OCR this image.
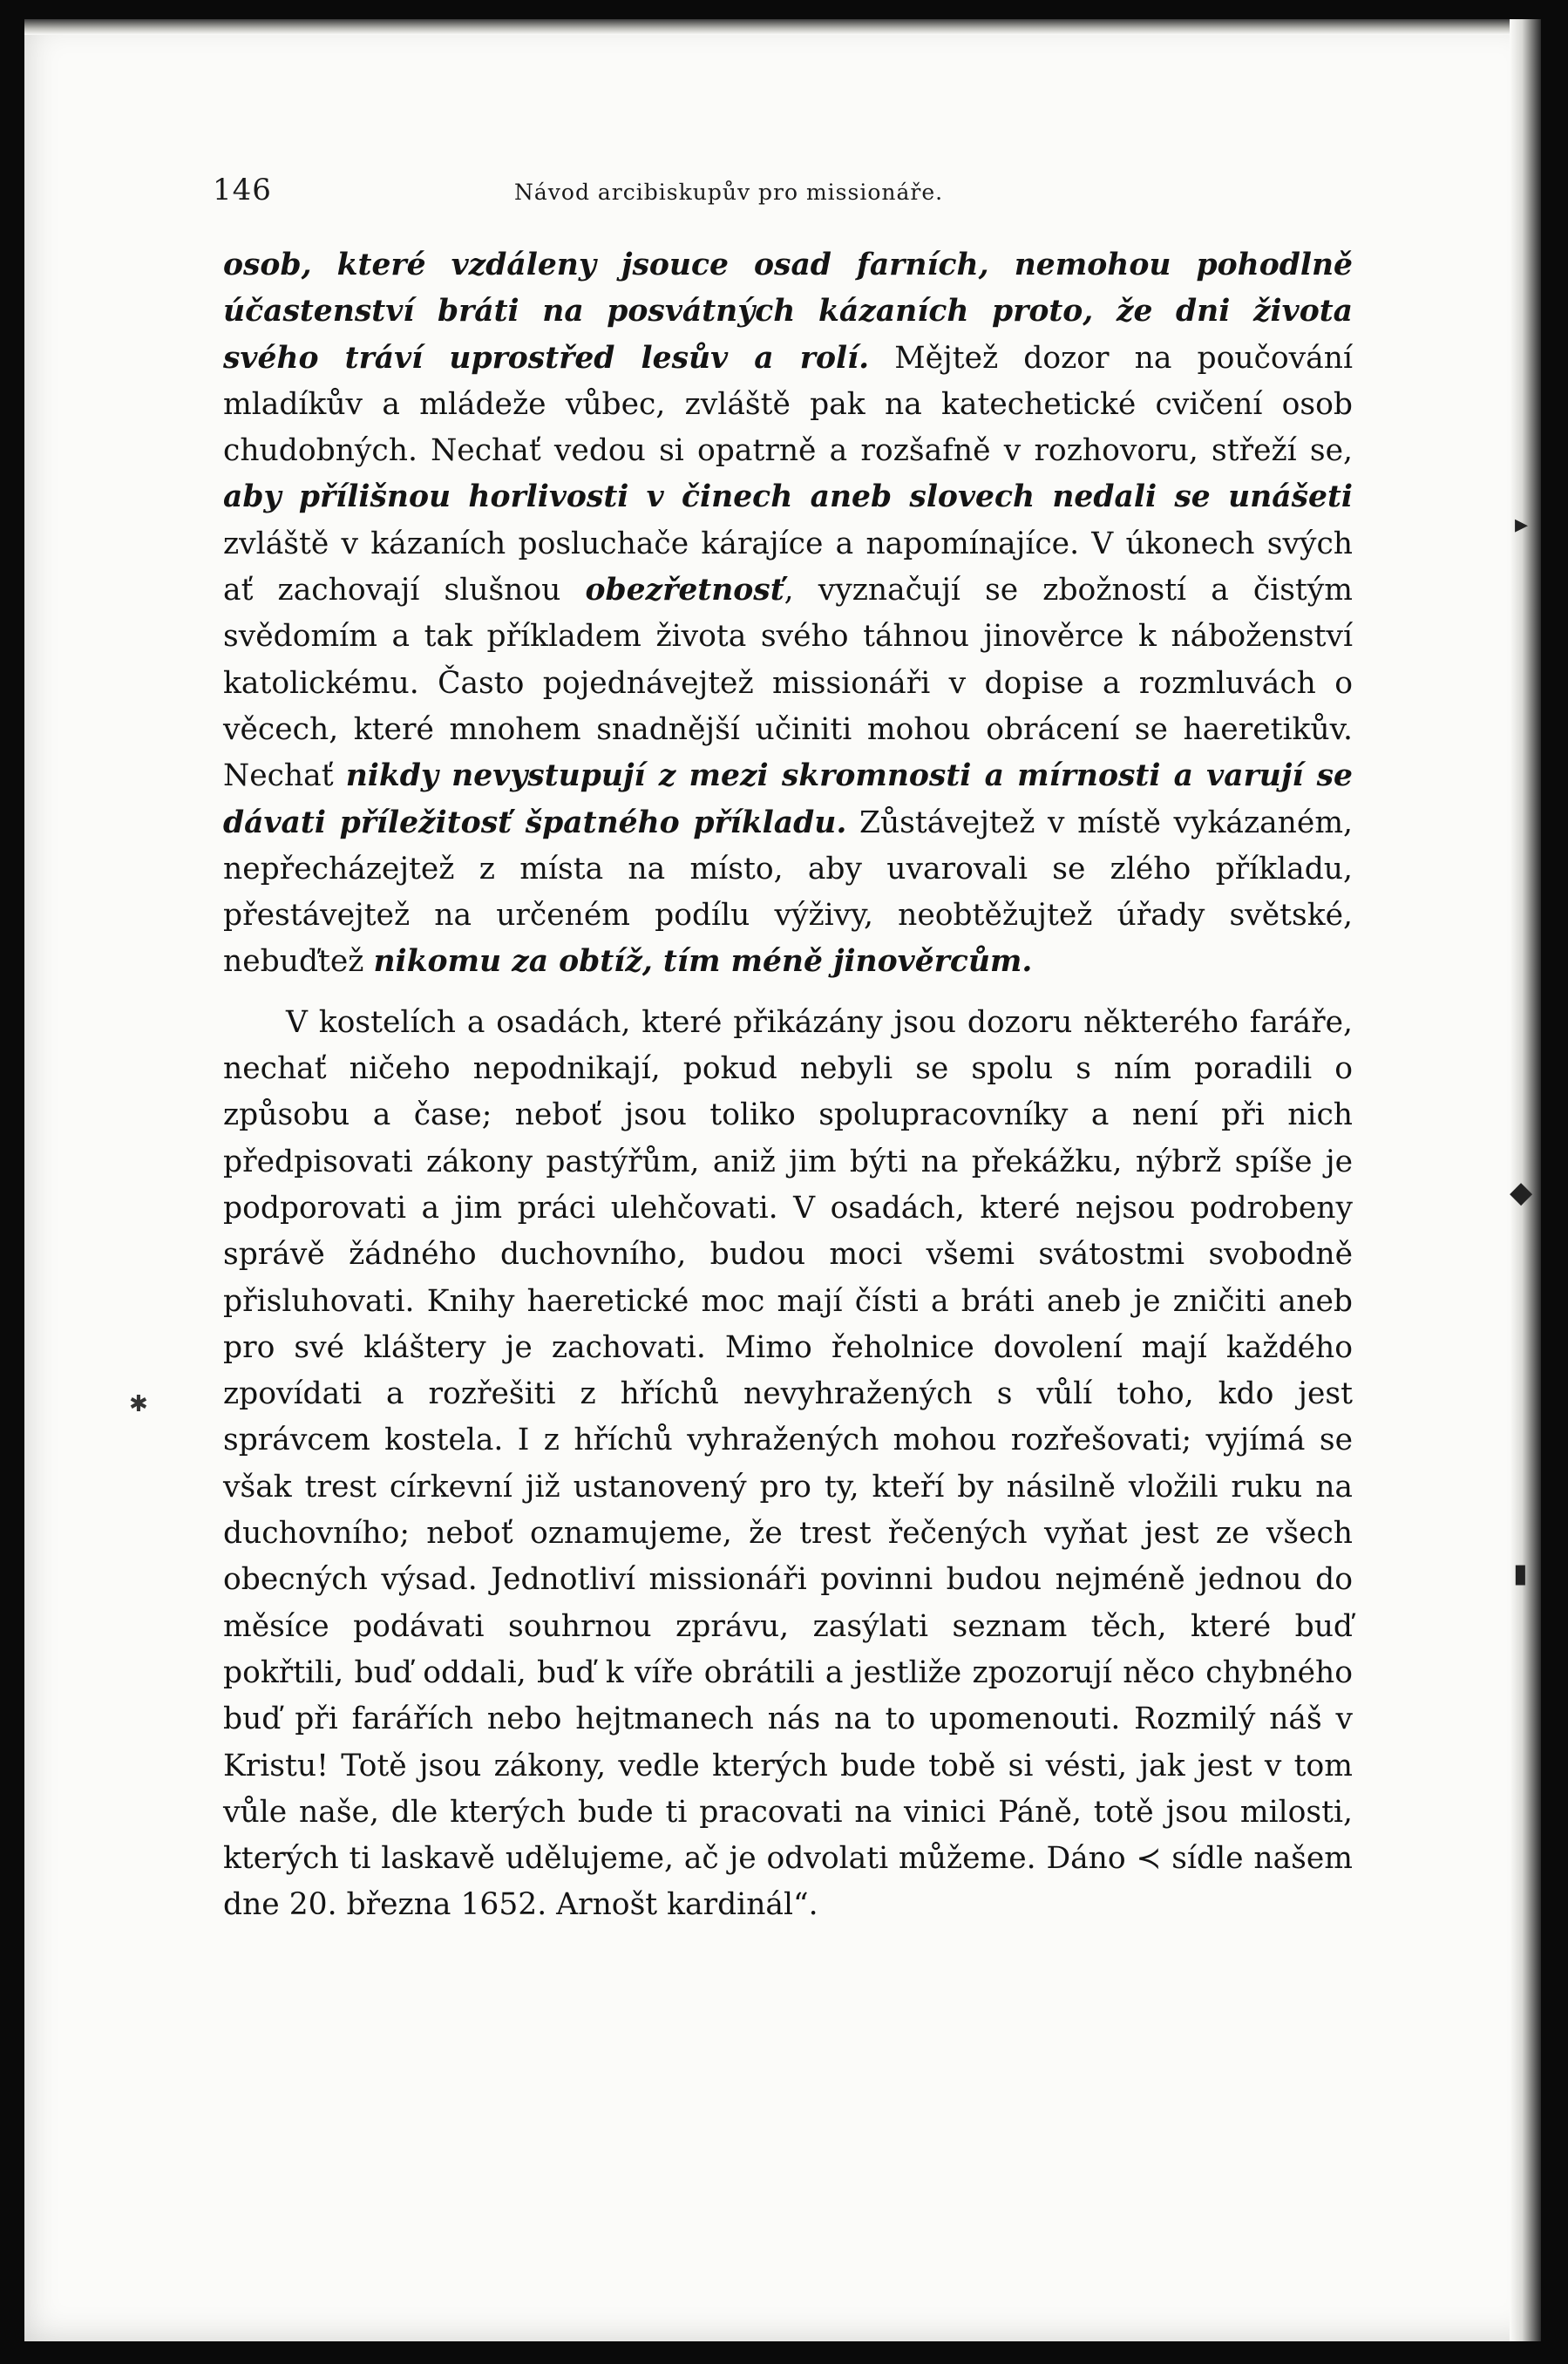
146	Návod arcibiskupův pro missionáře.

osob, které vzdáleny jsouce osad farních, nemohou pohodlně účastenství bráti na posvátných kázaních proto, že dni života svého tráví uprostřed lesův a rolí. Mějtež dozor na poučování mladíkův a mládeže vůbec, zvláště pak na katechetické cvičení osob chudobných. Nechať vedou si opatrně a rozšafně v rozhovoru, střeží se, aby přílišnou horlivosti v činech aneb slovech nedali se unášeti zvláště v kázaních posluchače kárajíce a napomínajíce. V úkonech svých ať zachovají slušnou obezřetnosť, vyznačují se zbožností a čistým svědomím a tak příkladem života svého táhnou jinověrce k náboženství katolickému. Často pojednávejtež missionáři v dopise a rozmluvách o věcech, které mnohem snadnější učiniti mohou obrácení se haeretikův. Nechať nikdy nevystupují z mezi skromnosti a mírnosti a varují se dávati příležitosť špatného příkladu. Zůstávejtež v místě vykázaném, nepřecházejtež z místa na místo, aby uvarovali se zlého příkladu, přestávejtež na určeném podílu výživy, neobtěžujtež úřady světské, nebuďtež nikomu za obtíž, tím méně jinověrcům.

V kostelích a osadách, které přikázány jsou dozoru některého faráře, nechať ničeho nepodnikají, pokud nebyli se spolu s ním poradili o způsobu a čase; neboť jsou toliko spolupracovníky a není při nich předpisovati zákony pastýřům, aniž jim býti na překážku, nýbrž spíše je podporovati a jim práci ulehčovati. V osadách, které nejsou podrobeny správě žádného duchovního, budou moci všemi svátostmi svobodně přisluhovati. Knihy haeretické moc mají čísti a bráti aneb je zničiti aneb pro své kláštery je zachovati. Mimo řeholnice dovolení mají každého zpovídati a rozřešiti z hříchů nevyhražených s vůlí toho, kdo jest správcem kostela. I z hříchů vyhražených mohou rozřešovati; vyjímá se však trest církevní již ustanovený pro ty, kteří by násilně vložili ruku na duchovního; neboť oznamujeme, že trest řečených vyňat jest ze všech obecných výsad. Jednotliví missionáři povinni budou nejméně jednou do měsíce podávati souhrnou zprávu, zasýlati seznam těch, které buď pokřtili, buď oddali, buď k víře obrátili a jestliže zpozorují něco chybného buď při farářích nebo hejtmanech nás na to upomenouti. Rozmilý náš v Kristu! Totě jsou zákony, vedle kterých bude tobě si vésti, jak jest v tom vůle naše, dle kterých bude ti pracovati na vinici Páně, totě jsou milosti, kterých ti laskavě udělujeme, ač je odvolati můžeme. Dáno ≺ sídle našem dne 20. března 1652. Arnošt kardinál“.

✱
▸
◆
▮
